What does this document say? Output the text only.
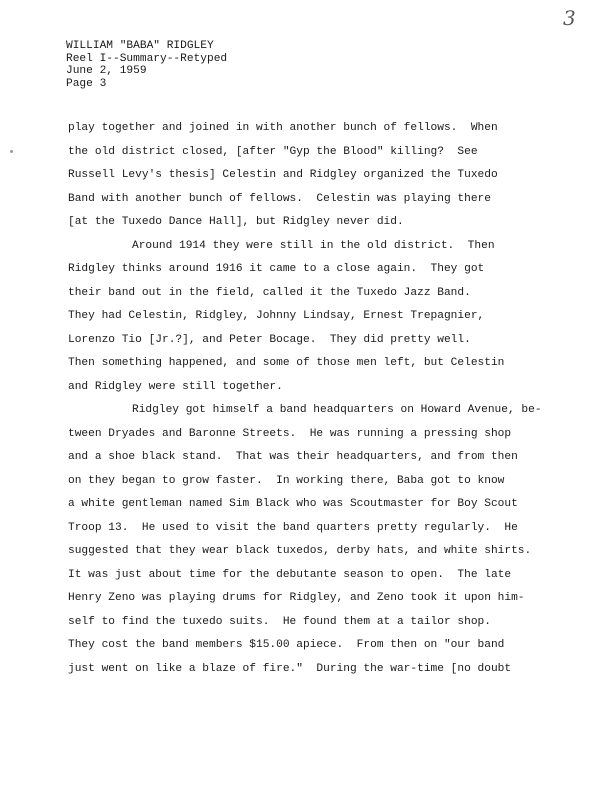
3
WILLIAM "BABA" RIDGLEY
Reel I--Summary--Retyped
June 2, 1959
Page 3
play together and joined in with another bunch of fellows.  When
the old district closed, [after "Gyp the Blood" killing?  See
Russell Levy's thesis] Celestin and Ridgley organized the Tuxedo
Band with another bunch of fellows.  Celestin was playing there
[at the Tuxedo Dance Hall], but Ridgley never did.
Around 1914 they were still in the old district.  Then
Ridgley thinks around 1916 it came to a close again.  They got
their band out in the field, called it the Tuxedo Jazz Band.
They had Celestin, Ridgley, Johnny Lindsay, Ernest Trepagnier,
Lorenzo Tio [Jr.?], and Peter Bocage.  They did pretty well.
Then something happened, and some of those men left, but Celestin
and Ridgley were still together.
Ridgley got himself a band headquarters on Howard Avenue, be-
tween Dryades and Baronne Streets.  He was running a pressing shop
and a shoe black stand.  That was their headquarters, and from then
on they began to grow faster.  In working there, Baba got to know
a white gentleman named Sim Black who was Scoutmaster for Boy Scout
Troop 13.  He used to visit the band quarters pretty regularly.  He
suggested that they wear black tuxedos, derby hats, and white shirts.
It was just about time for the debutante season to open.  The late
Henry Zeno was playing drums for Ridgley, and Zeno took it upon him-
self to find the tuxedo suits.  He found them at a tailor shop.
They cost the band members $15.00 apiece.  From then on "our band
just went on like a blaze of fire."  During the war-time [no doubt
